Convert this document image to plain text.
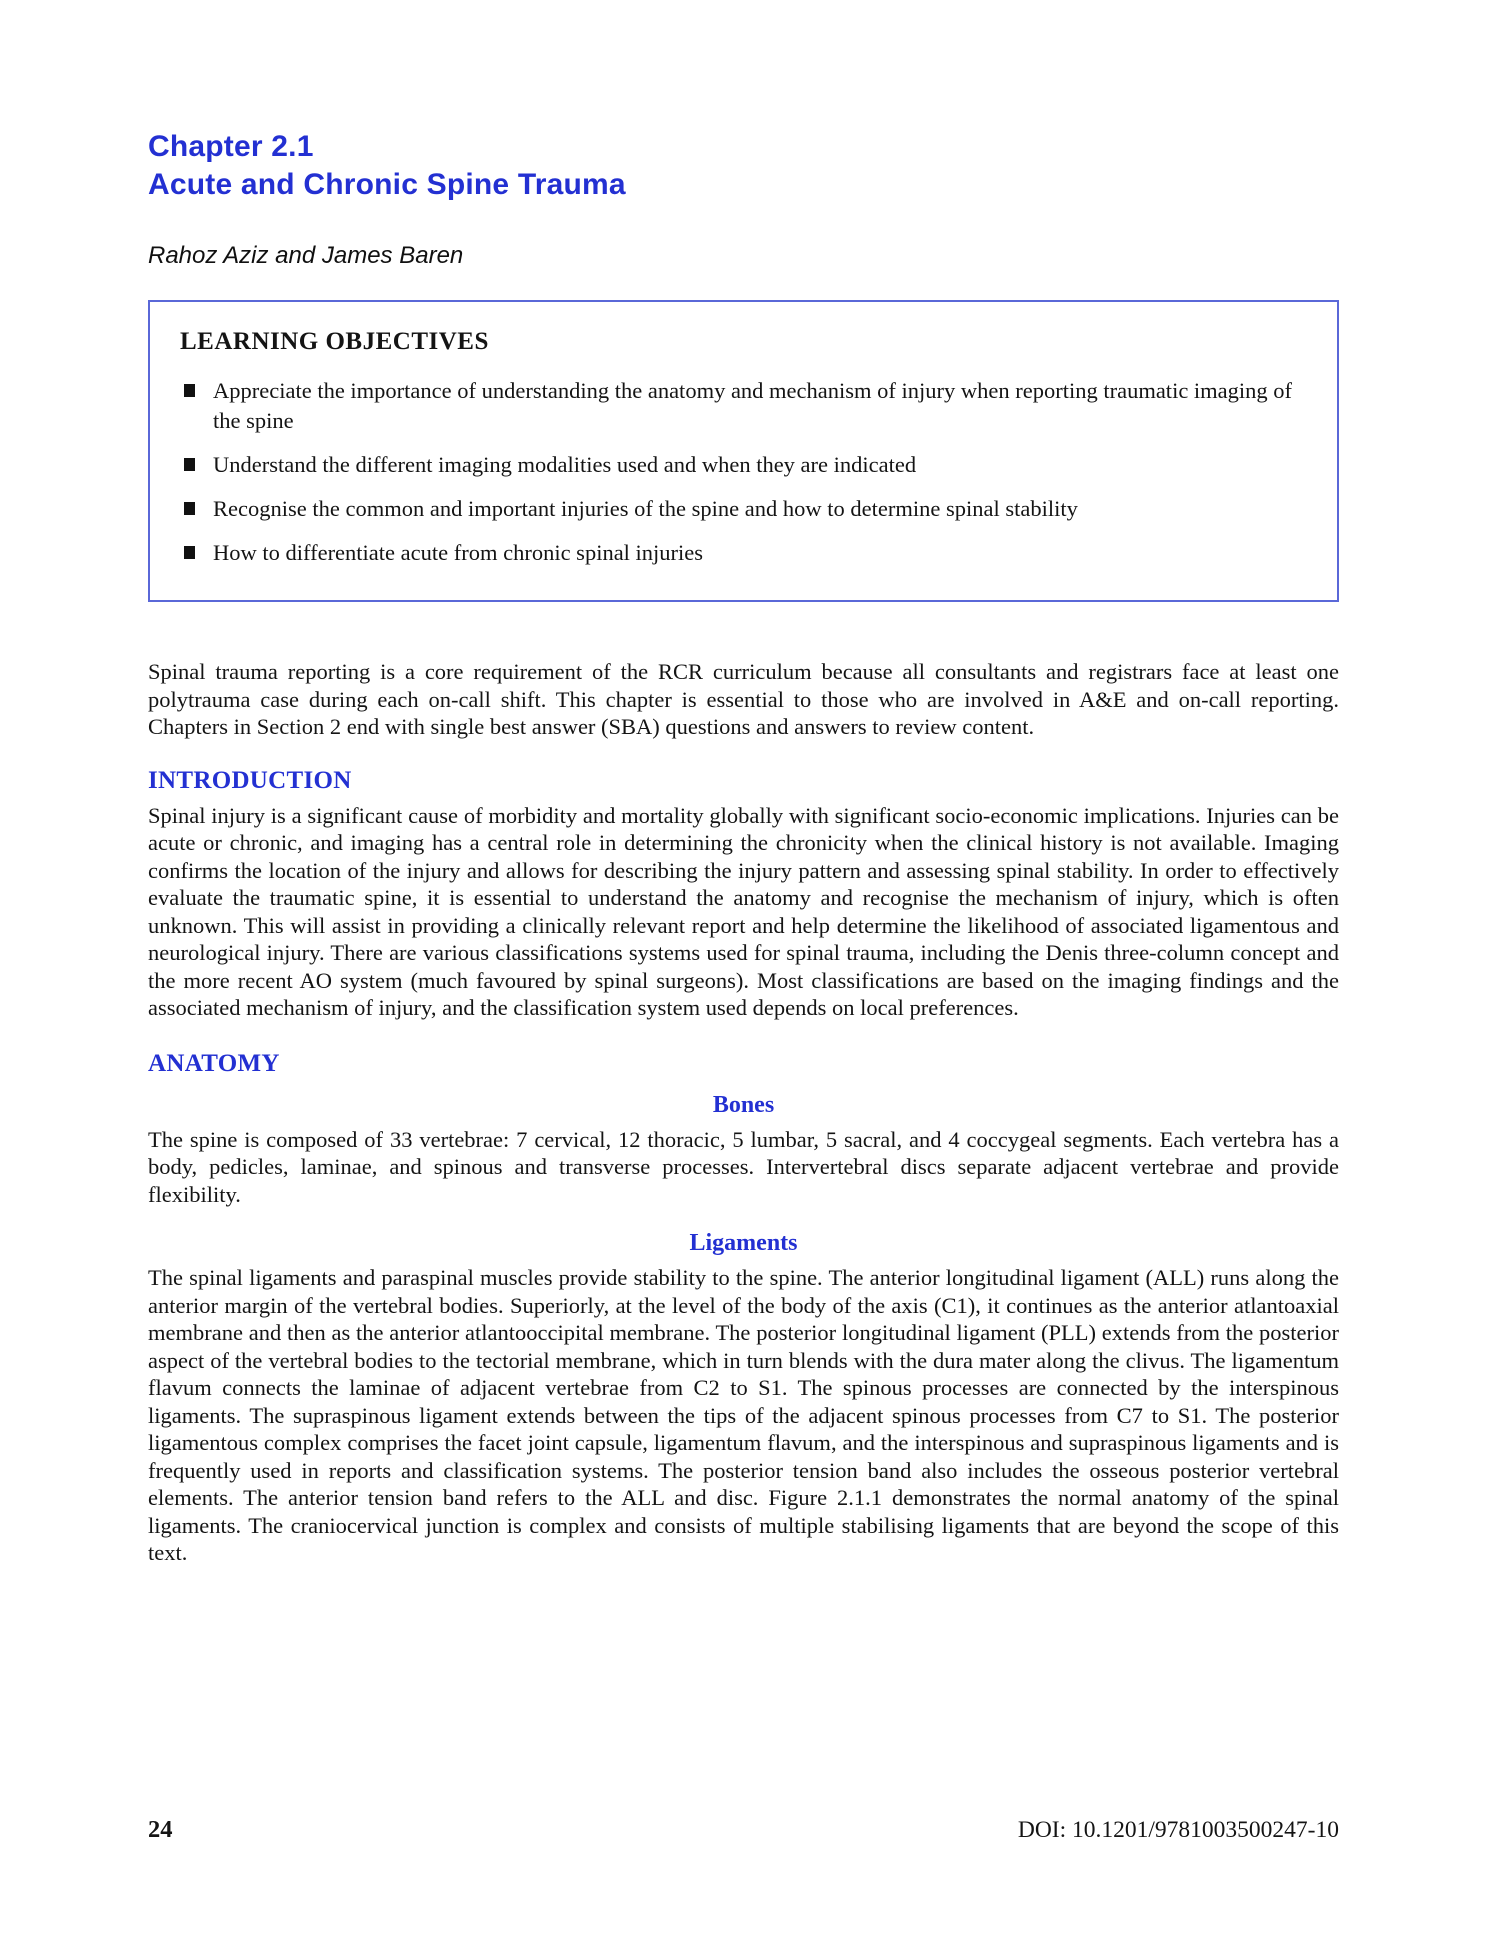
Chapter 2.1
Acute and Chronic Spine Trauma
Rahoz Aziz and James Baren
LEARNING OBJECTIVES
Appreciate the importance of understanding the anatomy and mechanism of injury when reporting traumatic imaging of the spine
Understand the different imaging modalities used and when they are indicated
Recognise the common and important injuries of the spine and how to determine spinal stability
How to differentiate acute from chronic spinal injuries

Spinal trauma reporting is a core requirement of the RCR curriculum because all consultants and registrars face at least one polytrauma case during each on-call shift. This chapter is essential to those who are involved in A&E and on-call reporting. Chapters in Section 2 end with single best answer (SBA) questions and answers to review content.

INTRODUCTION

Spinal injury is a significant cause of morbidity and mortality globally with significant socio-economic implications. Injuries can be acute or chronic, and imaging has a central role in determining the chronicity when the clinical history is not available. Imaging confirms the location of the injury and allows for describing the injury pattern and assessing spinal stability. In order to effectively evaluate the traumatic spine, it is essential to understand the anatomy and recognise the mechanism of injury, which is often unknown. This will assist in providing a clinically relevant report and help determine the likelihood of associated ligamentous and neurological injury. There are various classifications systems used for spinal trauma, including the Denis three-column concept and the more recent AO system (much favoured by spinal surgeons). Most classifications are based on the imaging findings and the associated mechanism of injury, and the classification system used depends on local preferences.

ANATOMY
Bones

The spine is composed of 33 vertebrae: 7 cervical, 12 thoracic, 5 lumbar, 5 sacral, and 4 coccygeal segments. Each vertebra has a body, pedicles, laminae, and spinous and transverse processes. Intervertebral discs separate adjacent vertebrae and provide flexibility.

Ligaments

The spinal ligaments and paraspinal muscles provide stability to the spine. The anterior longitudinal ligament (ALL) runs along the anterior margin of the vertebral bodies. Superiorly, at the level of the body of the axis (C1), it continues as the anterior atlantoaxial membrane and then as the anterior atlantooccipital membrane. The posterior longitudinal ligament (PLL) extends from the posterior aspect of the vertebral bodies to the tectorial membrane, which in turn blends with the dura mater along the clivus. The ligamentum flavum connects the laminae of adjacent vertebrae from C2 to S1. The spinous processes are connected by the interspinous ligaments. The supraspinous ligament extends between the tips of the adjacent spinous processes from C7 to S1. The posterior ligamentous complex comprises the facet joint capsule, ligamentum flavum, and the interspinous and supraspinous ligaments and is frequently used in reports and classification systems. The posterior tension band also includes the osseous posterior vertebral elements. The anterior tension band refers to the ALL and disc. Figure 2.1.1 demonstrates the normal anatomy of the spinal ligaments. The craniocervical junction is complex and consists of multiple stabilising ligaments that are beyond the scope of this text.

24	DOI: 10.1201/9781003500247-10
